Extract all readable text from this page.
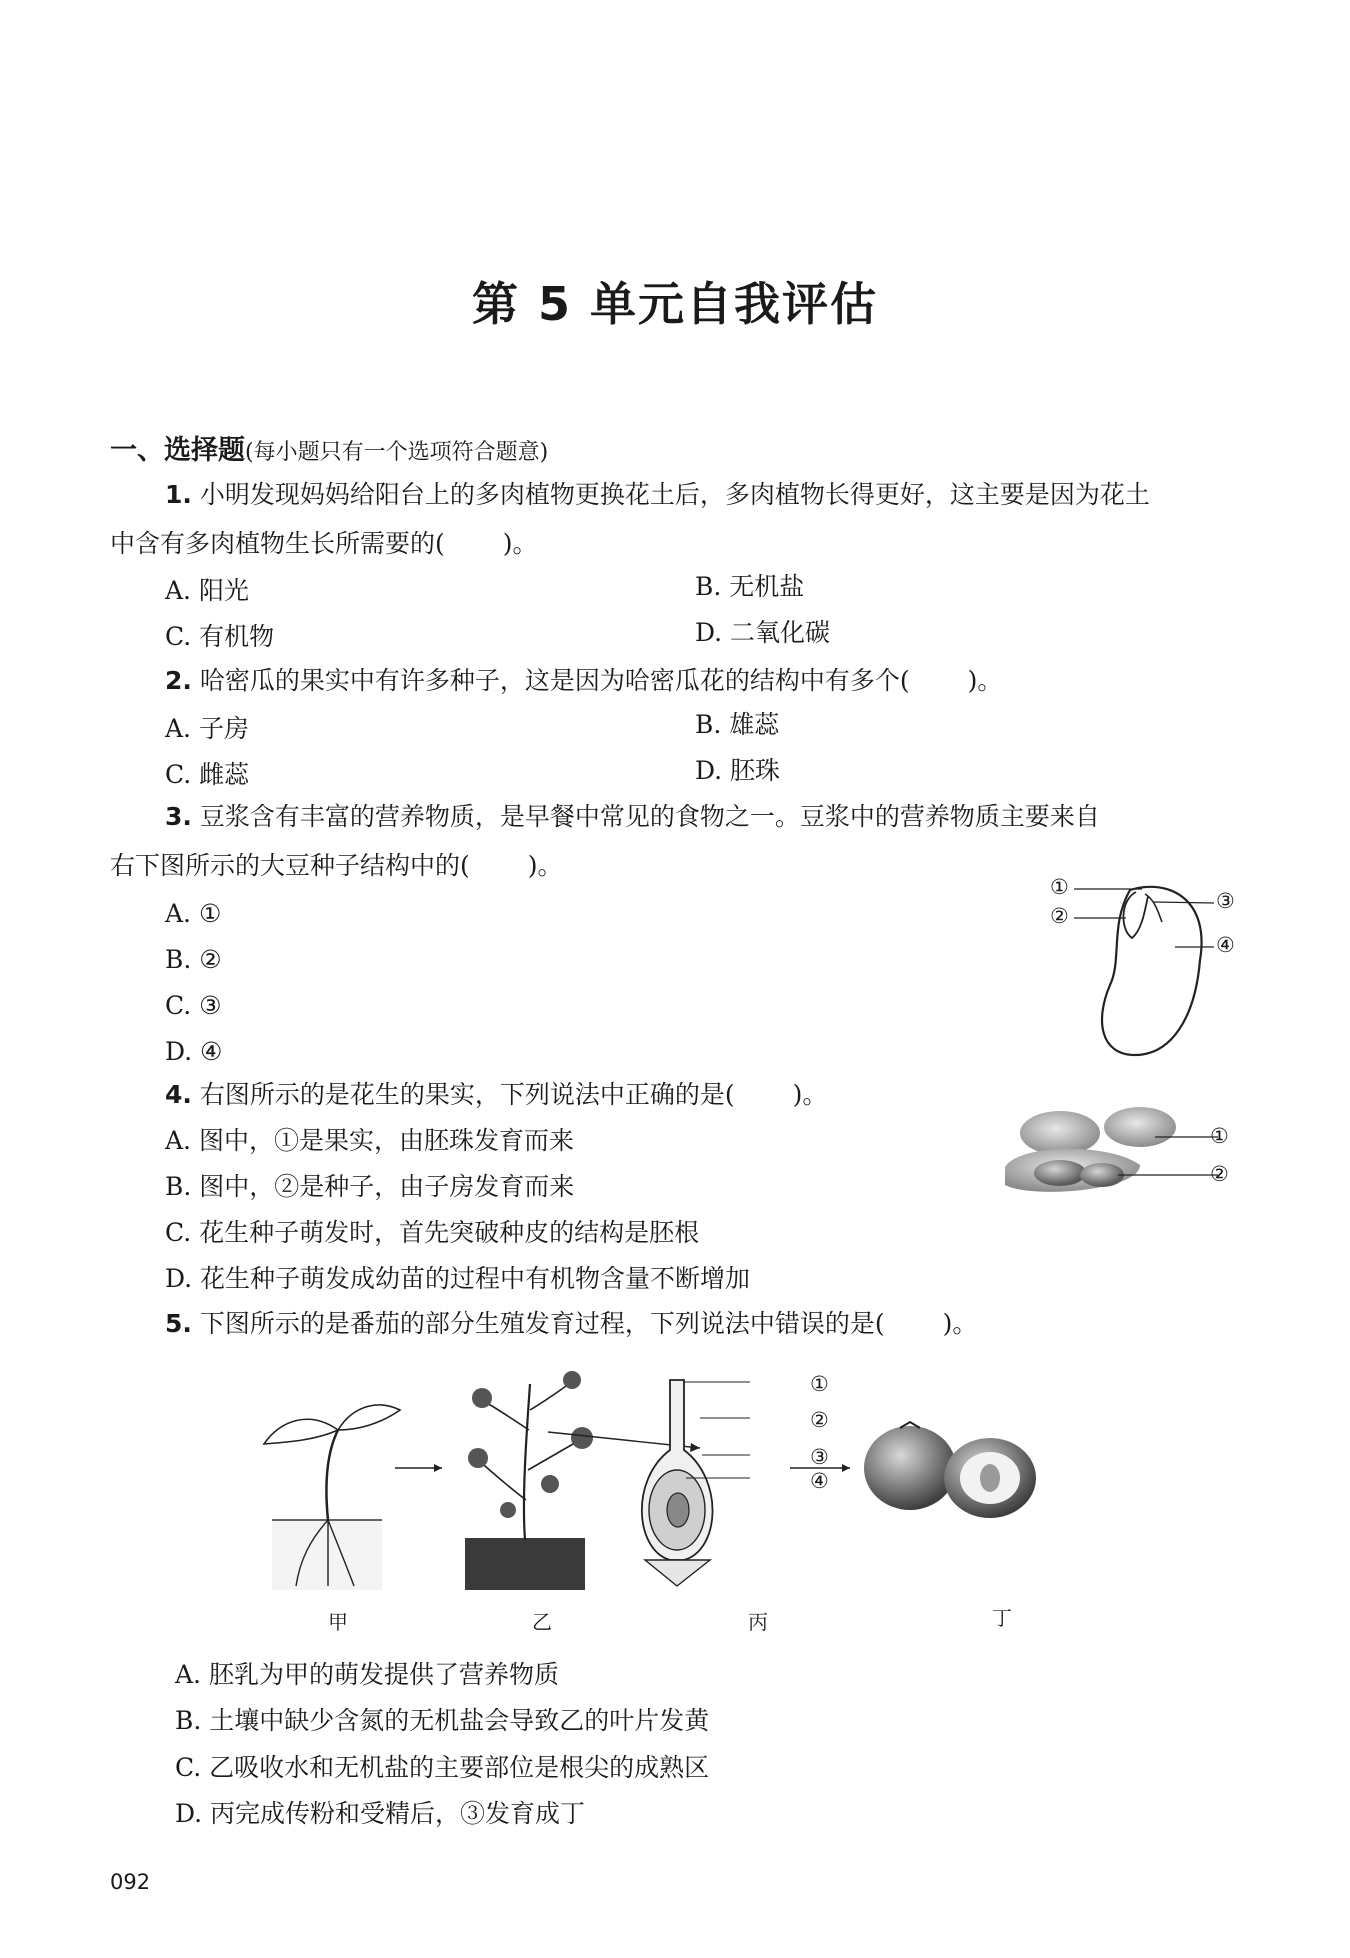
第 5 单元自我评估
一、选择题(每小题只有一个选项符合题意)
1. 小明发现妈妈给阳台上的多肉植物更换花土后，多肉植物长得更好，这主要是因为花土
中含有多肉植物生长所需要的( )。
A. 阳光	B. 无机盐
C. 有机物	D. 二氧化碳
2. 哈密瓜的果实中有许多种子，这是因为哈密瓜花的结构中有多个( )。
A. 子房	B. 雄蕊
C. 雌蕊	D. 胚珠
3. 豆浆含有丰富的营养物质，是早餐中常见的食物之一。豆浆中的营养物质主要来自
右下图所示的大豆种子结构中的( )。
A. ①
B. ②
C. ③
D. ④
①
②
③
④
4. 右图所示的是花生的果实，下列说法中正确的是( )。
A. 图中，①是果实，由胚珠发育而来
B. 图中，②是种子，由子房发育而来
C. 花生种子萌发时，首先突破种皮的结构是胚根
D. 花生种子萌发成幼苗的过程中有机物含量不断增加
①
②
5. 下图所示的是番茄的部分生殖发育过程，下列说法中错误的是( )。
①
②
③
④
甲	乙	丙	丁
A. 胚乳为甲的萌发提供了营养物质
B. 土壤中缺少含氮的无机盐会导致乙的叶片发黄
C. 乙吸收水和无机盐的主要部位是根尖的成熟区
D. 丙完成传粉和受精后，③发育成丁
092
